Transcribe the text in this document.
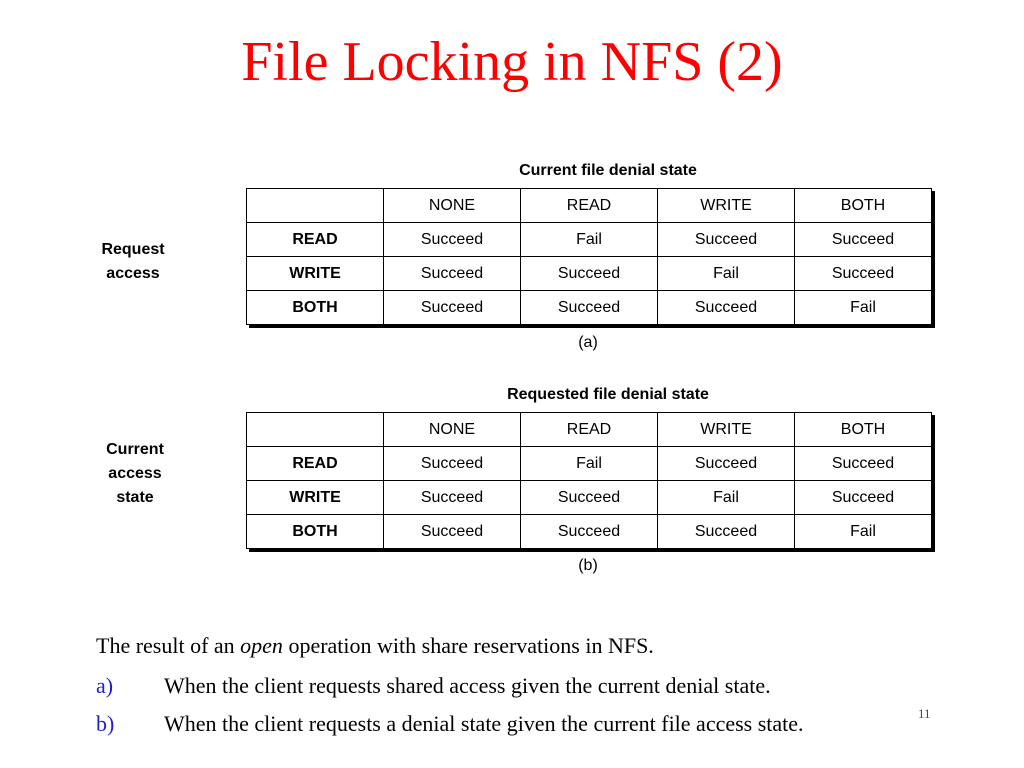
File Locking in NFS (2)
Current file denial state
Request
access
	NONE	READ	WRITE	BOTH
READ	Succeed	Fail	Succeed	Succeed
WRITE	Succeed	Succeed	Fail	Succeed
BOTH	Succeed	Succeed	Succeed	Fail
(a)
Requested file denial state
Current
access
state
	NONE	READ	WRITE	BOTH
READ	Succeed	Fail	Succeed	Succeed
WRITE	Succeed	Succeed	Fail	Succeed
BOTH	Succeed	Succeed	Succeed	Fail
(b)
The result of an open operation with share reservations in NFS.
a) When the client requests shared access given the current denial state.
b) When the client requests a denial state given the current file access state.	11
